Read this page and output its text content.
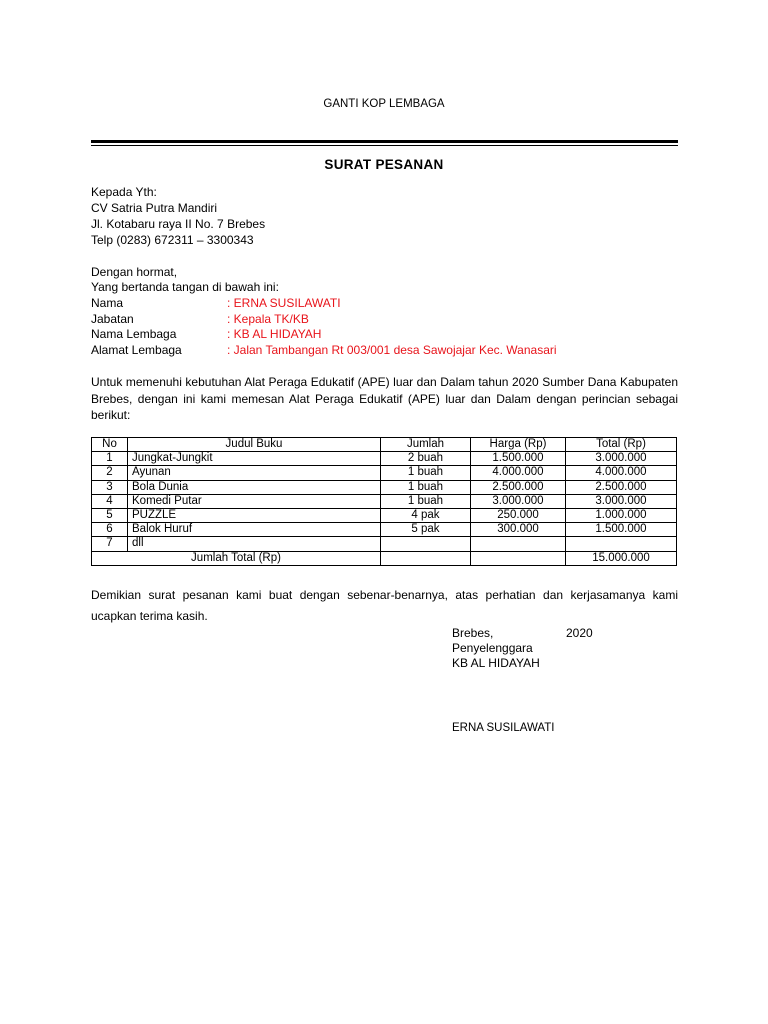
GANTI KOP LEMBAGA
SURAT PESANAN
Kepada Yth:
CV Satria Putra Mandiri
Jl. Kotabaru raya II No. 7 Brebes
Telp (0283) 672311 – 3300343
Dengan hormat,
Yang bertanda tangan di bawah ini:
Nama	: ERNA SUSILAWATI
Jabatan	: Kepala TK/KB
Nama Lembaga	: KB AL HIDAYAH
Alamat Lembaga	: Jalan Tambangan Rt 003/001 desa Sawojajar Kec. Wanasari
Untuk memenuhi kebutuhan Alat Peraga Edukatif (APE) luar dan Dalam tahun 2020 Sumber Dana Kabupaten Brebes, dengan ini kami memesan Alat Peraga Edukatif (APE) luar dan Dalam dengan perincian sebagai berikut:
No	Judul Buku	Jumlah	Harga (Rp)	Total (Rp)
1	Jungkat-Jungkit	2 buah	1.500.000	3.000.000
2	Ayunan	1 buah	4.000.000	4.000.000
3	Bola Dunia	1 buah	2.500.000	2.500.000
4	Komedi Putar	1 buah	3.000.000	3.000.000
5	PUZZLE	4 pak	250.000	1.000.000
6	Balok Huruf	5 pak	300.000	1.500.000
7	dll			
Jumlah Total (Rp)				15.000.000
Demikian surat pesanan kami buat dengan sebenar-benarnya, atas perhatian dan kerjasamanya kami ucapkan terima kasih.
Brebes,	2020
Penyelenggara
KB AL HIDAYAH
ERNA SUSILAWATI
